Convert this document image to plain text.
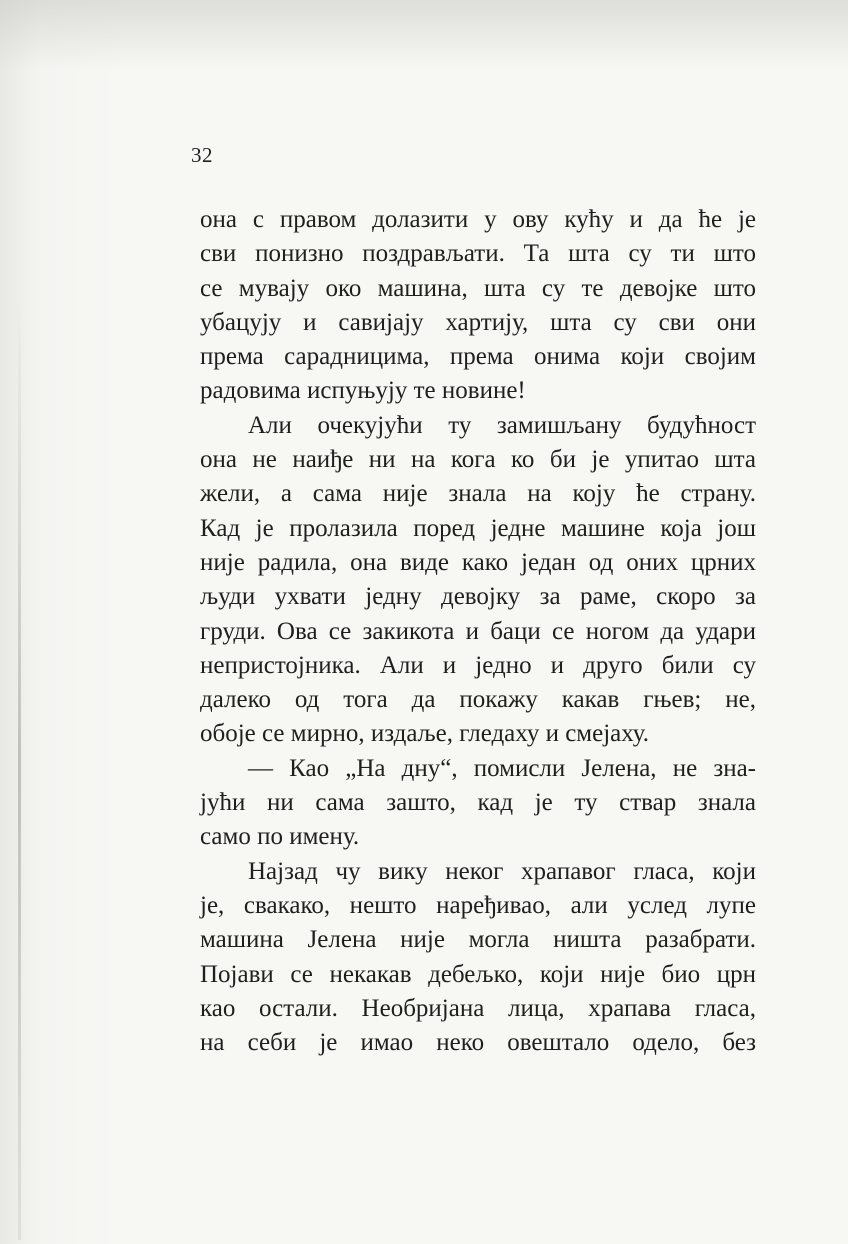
32
она с правом долазити у ову кућу и да ће је
сви понизно поздрављати. Та шта су ти што
се мувају око машина, шта су те девојке што
убацују и савијају хартију, шта су сви они
према сарадницима, према онима који својим
радовима испуњују те новине!
Али очекујући ту замишљану будућност
она не наиђе ни на кога ко би је упитао шта
жели, а сама није знала на коју ће страну.
Кад је пролазила поред једне машине која још
није радила, она виде како један од оних црних
људи ухвати једну девојку за раме, скоро за
груди. Ова се закикота и баци се ногом да удари
непристојника. Али и једно и друго били су
далеко од тога да покажу какав гњев; не,
обоје се мирно, издаље, гледаху и смејаху.
— Као „На дну“, помисли Јелена, не зна-
јући ни сама зашто, кад је ту ствар знала
само по имену.
Најзад чу вику неког храпавог гласа, који
је, свакако, нешто наређивао, али услед лупе
машина Јелена није могла ништа разабрати.
Појави се некакав дебељко, који није био црн
као остали. Необријана лица, храпава гласа,
на себи је имао неко овештало одело, без
